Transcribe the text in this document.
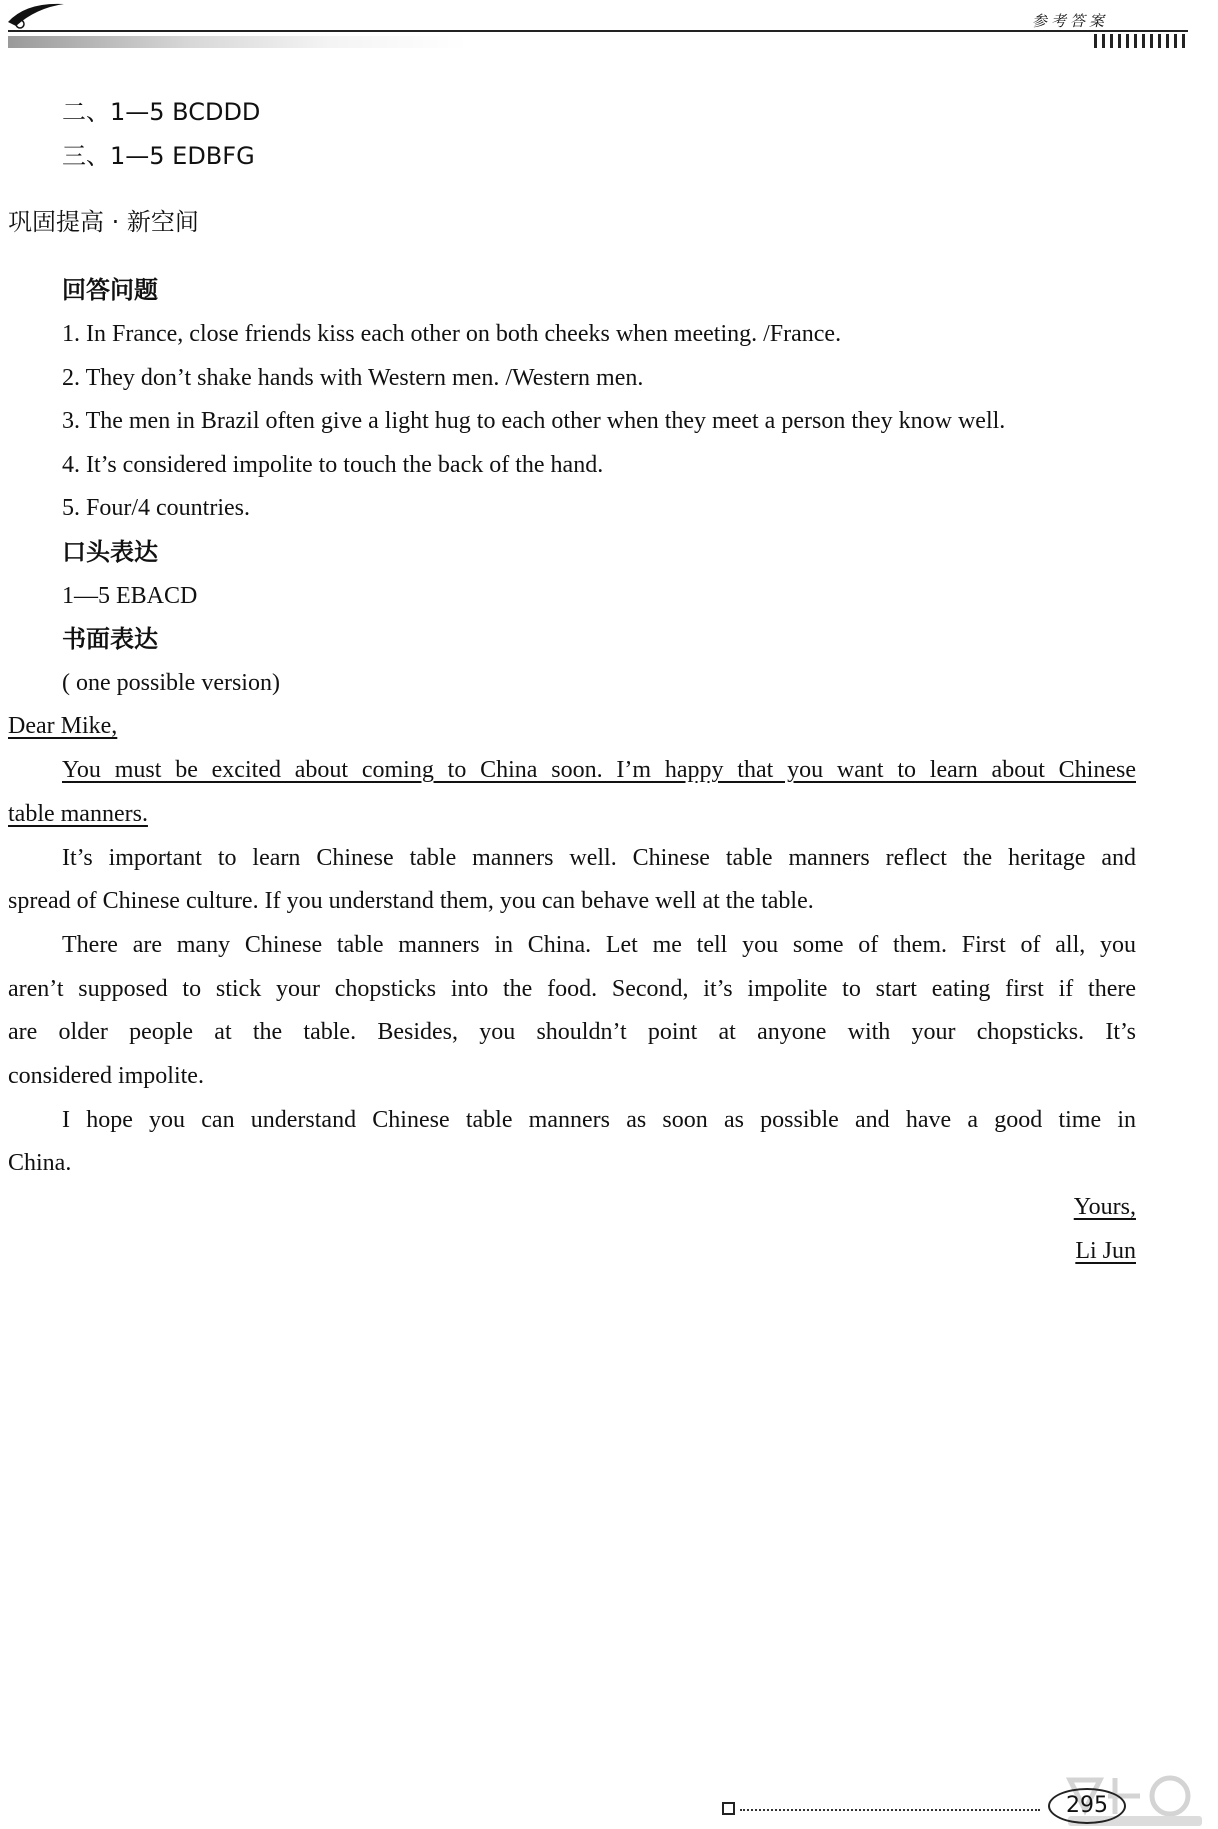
参考答案
二、1—5 BCDDD
三、1—5 EDBFG
巩固提高 · 新空间
回答问题
1. In France, close friends kiss each other on both cheeks when meeting. /France.
2. They don’t shake hands with Western men. /Western men.
3. The men in Brazil often give a light hug to each other when they meet a person they know well.
4. It’s considered impolite to touch the back of the hand.
5. Four/4 countries.
口头表达
1—5 EBACD
书面表达
( one possible version)
Dear Mike,
You must be excited about coming to China soon. I’m happy that you want to learn about Chinese
table manners.
It’s important to learn Chinese table manners well. Chinese table manners reflect the heritage and
spread of Chinese culture. If you understand them, you can behave well at the table.
There are many Chinese table manners in China. Let me tell you some of them. First of all, you
aren’t supposed to stick your chopsticks into the food. Second, it’s impolite to start eating first if there
are older people at the table. Besides, you shouldn’t point at anyone with your chopsticks. It’s
considered impolite.
I hope you can understand Chinese table manners as soon as possible and have a good time in
China.
Yours,
Li Jun
295
